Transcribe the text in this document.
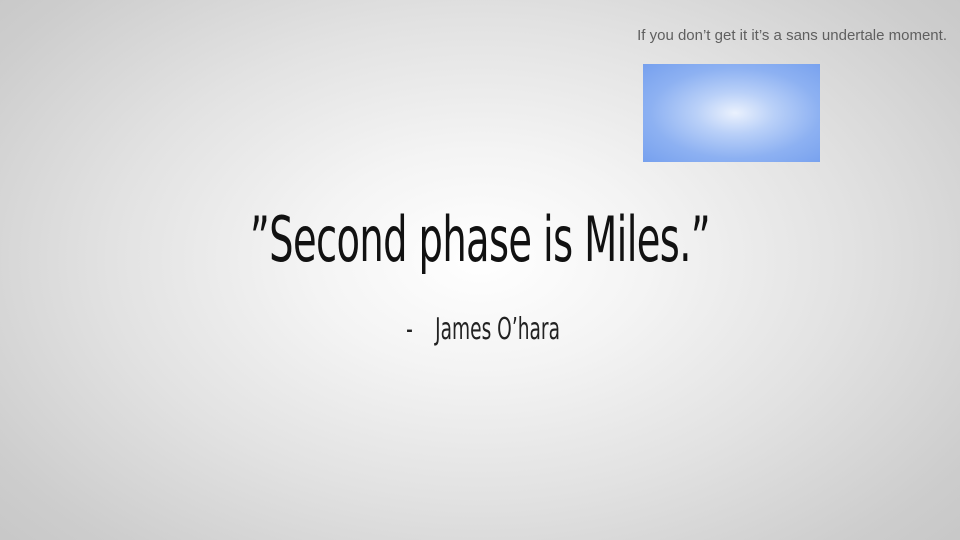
If you don’t get it it’s a sans undertale moment.
”Second phase is Miles.”
- James O’hara
